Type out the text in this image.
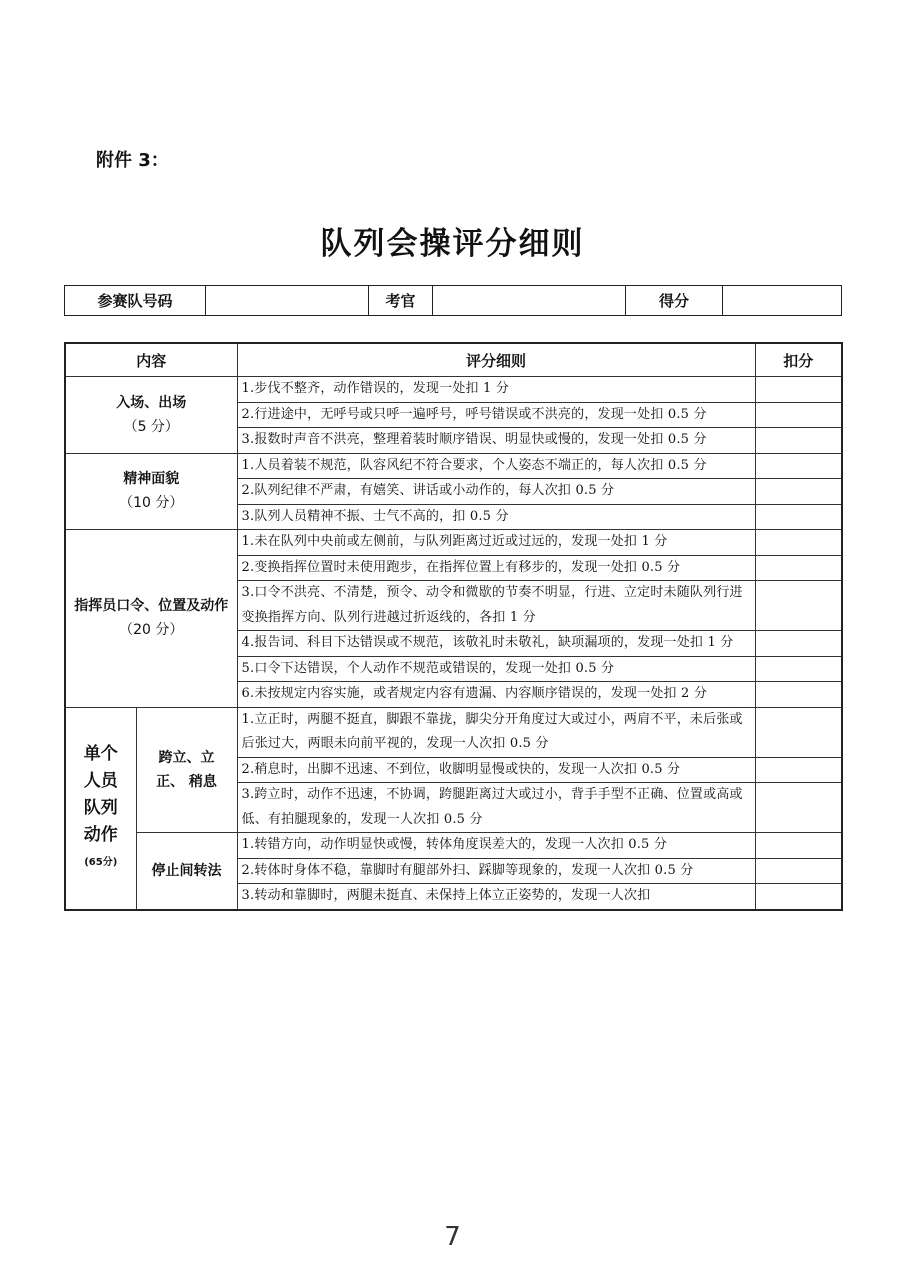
附件 3：
队列会操评分细则
参赛队号码		考官		得分	
内容		评分细则	扣分

入场、出场
（5 分）		1.步伐不整齐，动作错误的，发现一处扣 1 分	
		2.行进途中，无呼号或只呼一遍呼号，呼号错误或不洪亮的，发现一处扣 0.5 分	
		3.报数时声音不洪亮，整理着装时顺序错误、明显快或慢的，发现一处扣 0.5 分	

精神面貌
（10 分）		1.人员着装不规范，队容风纪不符合要求，个人姿态不端正的，每人次扣 0.5 分	
		2.队列纪律不严肃，有嬉笑、讲话或小动作的，每人次扣 0.5 分	
		3.队列人员精神不振、士气不高的，扣 0.5 分	

指挥员口令、位置及动作
（20 分）		1.未在队列中央前或左侧前，与队列距离过近或过远的，发现一处扣 1 分	
		2.变换指挥位置时未使用跑步，在指挥位置上有移步的，发现一处扣 0.5 分	
		3.口令不洪亮、不清楚，预令、动令和微歇的节奏不明显，行进、立定时未随队列行进变换指挥方向、队列行进越过折返线的，各扣 1 分	
		4.报告词、科目下达错误或不规范，该敬礼时未敬礼，缺项漏项的，发现一处扣 1 分	
		5.口令下达错误，个人动作不规范或错误的，发现一处扣 0.5 分	
		6.未按规定内容实施，或者规定内容有遗漏、内容顺序错误的，发现一处扣 2 分	

单个人员队列动作
(65分)	跨立、立正、 稍息	1.立正时，两腿不挺直，脚跟不靠拢，脚尖分开角度过大或过小，两肩不平，未后张或后张过大，两眼未向前平视的，发现一人次扣 0.5 分	
		2.稍息时，出脚不迅速、不到位，收脚明显慢或快的，发现一人次扣 0.5 分	
		3.跨立时，动作不迅速，不协调，跨腿距离过大或过小，背手手型不正确、位置或高或低、有拍腿现象的，发现一人次扣 0.5 分	

	停止间转法	1.转错方向，动作明显快或慢，转体角度误差大的，发现一人次扣 0.5 分	
		2.转体时身体不稳，靠脚时有腿部外扫、踩脚等现象的，发现一人次扣 0.5 分	
		3.转动和靠脚时，两腿未挺直、未保持上体立正姿势的，发现一人次扣	
7
